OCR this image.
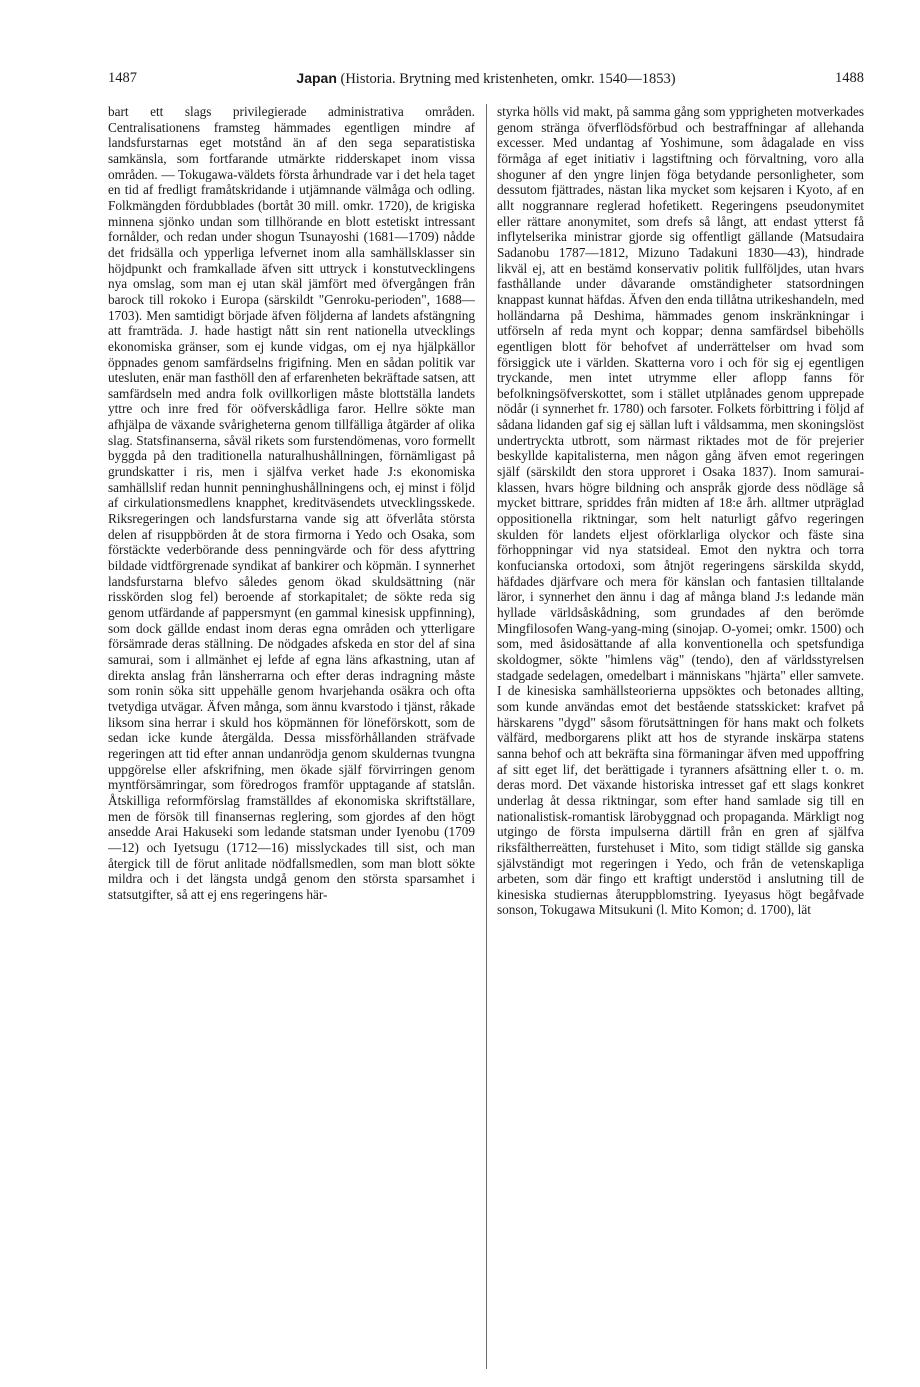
1487	Japan (Historia. Brytning med kristenheten, omkr. 1540—1853)	1488

bart ett slags privilegierade administrativa områden. Centralisationens framsteg hämmades egentligen mindre af landsfurstarnas eget motstånd än af den sega separatistiska samkänsla, som fortfarande utmärkte ridderskapet inom vissa områden. — Tokugawa-väldets första århundrade var i det hela taget en tid af fredligt framåtskridande i utjämnande välmåga och odling. Folkmängden fördubblades (bortåt 30 mill. omkr. 1720), de krigiska minnena sjönko undan som tillhörande en blott estetiskt intressant fornålder, och redan under shogun Tsunayoshi (1681—1709) nådde det fridsälla och ypperliga lefvernet inom alla samhällsklasser sin höjdpunkt och framkallade äfven sitt uttryck i konstutvecklingens nya omslag, som man ej utan skäl jämfört med öfvergången från barock till rokoko i Europa (särskildt "Genroku-perioden", 1688—1703). Men samtidigt började äfven följderna af landets afstängning att framträda. J. hade hastigt nått sin rent nationella utvecklings ekonomiska gränser, som ej kunde vidgas, om ej nya hjälpkällor öppnades genom samfärdselns frigifning. Men en sådan politik var utesluten, enär man fasthöll den af erfarenheten bekräftade satsen, att samfärdseln med andra folk ovillkorligen måste blottställa landets yttre och inre fred för oöfverskådliga faror. Hellre sökte man afhjälpa de växande svårigheterna genom tillfälliga åtgärder af olika slag. Statsfinanserna, såväl rikets som furstendömenas, voro formellt byggda på den traditionella naturalhushållningen, förnämligast på grundskatter i ris, men i själfva verket hade J:s ekonomiska samhällslif redan hunnit penninghushållningens och, ej minst i följd af cirkulationsmedlens knapphet, kreditväsendets utvecklingsskede. Riksregeringen och landsfurstarna vande sig att öfverlåta största delen af risuppbörden åt de stora firmorna i Yedo och Osaka, som förstäckte vederbörande dess penningvärde och för dess afyttring bildade vidtförgrenade syndikat af bankirer och köpmän. I synnerhet landsfurstarna blefvo således genom ökad skuldsättning (när risskörden slog fel) beroende af storkapitalet; de sökte reda sig genom utfärdande af pappersmynt (en gammal kinesisk uppfinning), som dock gällde endast inom deras egna områden och ytterligare försämrade deras ställning. De nödgades afskeda en stor del af sina samurai, som i allmänhet ej lefde af egna läns afkastning, utan af direkta anslag från länsherrarna och efter deras indragning måste som ronin söka sitt uppehälle genom hvarjehanda osäkra och ofta tvetydiga utvägar. Äfven många, som ännu kvarstodo i tjänst, råkade liksom sina herrar i skuld hos köpmännen för löneförskott, som de sedan icke kunde återgälda. Dessa missförhållanden sträfvade regeringen att tid efter annan undanrödja genom skuldernas tvungna uppgörelse eller afskrifning, men ökade själf förvirringen genom myntförsämringar, som föredrogos framför upptagande af statslån. Åtskilliga reformförslag framställdes af ekonomiska skriftställare, men de försök till finansernas reglering, som gjordes af den högt ansedde Arai Hakuseki som ledande statsman under Iyenobu (1709—12) och Iyetsugu (1712—16) misslyckades till sist, och man återgick till de förut anlitade nödfallsmedlen, som man blott sökte mildra och i det längsta undgå genom den största sparsamhet i statsutgifter, så att ej ens regeringens här-

styrka hölls vid makt, på samma gång som ypprigheten motverkades genom stränga öfverflödsförbud och bestraffningar af allehanda excesser. Med undantag af Yoshimune, som ådagalade en viss förmåga af eget initiativ i lagstiftning och förvaltning, voro alla shoguner af den yngre linjen föga betydande personligheter, som dessutom fjättrades, nästan lika mycket som kejsaren i Kyoto, af en allt noggrannare reglerad hofetikett. Regeringens pseudonymitet eller rättare anonymitet, som drefs så långt, att endast ytterst få inflytelserika ministrar gjorde sig offentligt gällande (Matsudaira Sadanobu 1787—1812, Mizuno Tadakuni 1830—43), hindrade likväl ej, att en bestämd konservativ politik fullföljdes, utan hvars fasthållande under dåvarande omständigheter statsordningen knappast kunnat häfdas. Äfven den enda tillåtna utrikeshandeln, med holländarna på Deshima, hämmades genom inskränkningar i utförseln af reda mynt och koppar; denna samfärdsel bibehölls egentligen blott för behofvet af underrättelser om hvad som försiggick ute i världen. Skatterna voro i och för sig ej egentligen tryckande, men intet utrymme eller aflopp fanns för befolkningsöfverskottet, som i stället utplånades genom upprepade nödår (i synnerhet fr. 1780) och farsoter. Folkets förbittring i följd af sådana lidanden gaf sig ej sällan luft i våldsamma, men skoningslöst undertryckta utbrott, som närmast riktades mot de för prejerier beskyllde kapitalisterna, men någon gång äfven emot regeringen själf (särskildt den stora upproret i Osaka 1837). Inom samurai-klassen, hvars högre bildning och anspråk gjorde dess nödläge så mycket bittrare, spriddes från midten af 18:e årh. alltmer utpräglad oppositionella riktningar, som helt naturligt gåfvo regeringen skulden för landets eljest oförklarliga olyckor och fäste sina förhoppningar vid nya statsideal. Emot den nyktra och torra konfucianska ortodoxi, som åtnjöt regeringens särskilda skydd, häfdades djärfvare och mera för känslan och fantasien tilltalande läror, i synnerhet den ännu i dag af många bland J:s ledande män hyllade världsåskådning, som grundades af den berömde Mingfilosofen Wang-yang-ming (sinojap. O-yomei; omkr. 1500) och som, med åsidosättande af alla konventionella och spetsfundiga skoldogmer, sökte "himlens väg" (tendo), den af världsstyrelsen stadgade sedelagen, omedelbart i människans "hjärta" eller samvete. I de kinesiska samhällsteorierna uppsöktes och betonades allting, som kunde användas emot det bestående statsskicket: krafvet på härskarens "dygd" såsom förutsättningen för hans makt och folkets välfärd, medborgarens plikt att hos de styrande inskärpa statens sanna behof och att bekräfta sina förmaningar äfven med uppoffring af sitt eget lif, det berättigade i tyranners afsättning eller t. o. m. deras mord. Det växande historiska intresset gaf ett slags konkret underlag åt dessa riktningar, som efter hand samlade sig till en nationalistisk-romantisk lärobyggnad och propaganda. Märkligt nog utgingo de första impulserna därtill från en gren af själfva riksfältherreätten, furstehuset i Mito, som tidigt ställde sig ganska självständigt mot regeringen i Yedo, och från de vetenskapliga arbeten, som där fingo ett kraftigt understöd i anslutning till de kinesiska studiernas återuppblomstring. Iyeyasus högt begåfvade sonson, Tokugawa Mitsukuni (l. Mito Komon; d. 1700), lät
